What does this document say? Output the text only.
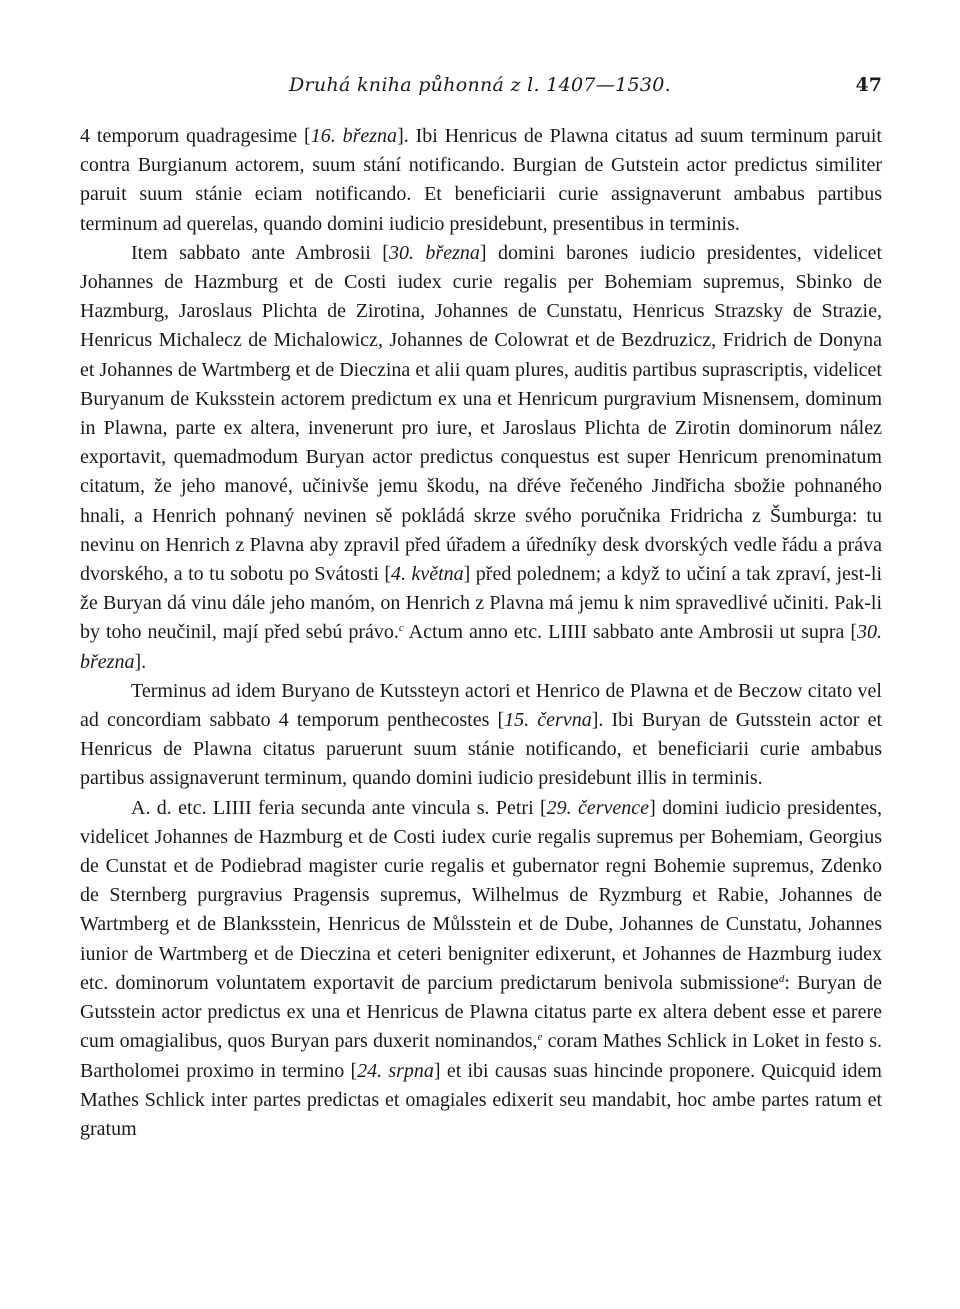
Druhá kniha půhonná z l. 1407—1530.	47

4 temporum quadragesime [16. března]. Ibi Henricus de Plawna citatus ad suum terminum paruit contra Burgianum actorem, suum stání notificando. Burgian de Gutstein actor predictus similiter paruit suum stánie eciam notificando. Et beneficiarii curie assignaverunt ambabus partibus terminum ad querelas, quando domini iudicio presidebunt, presentibus in terminis.

Item sabbato ante Ambrosii [30. března] domini barones iudicio presidentes, videlicet Johannes de Hazmburg et de Costi iudex curie regalis per Bohemiam supremus, Sbinko de Hazmburg, Jaroslaus Plichta de Zirotina, Johannes de Cunstatu, Henricus Strazsky de Strazie, Henricus Michalecz de Michalowicz, Johannes de Colowrat et de Bezdruzicz, Fridrich de Donyna et Johannes de Wartmberg et de Dieczina et alii quam plures, auditis partibus suprascriptis, videlicet Buryanum de Kuksstein actorem predictum ex una et Henricum purgravium Misnensem, dominum in Plawna, parte ex altera, invenerunt pro iure, et Jaroslaus Plichta de Zirotin dominorum nález exportavit, quemadmodum Buryan actor predictus conquestus est super Henricum prenominatum citatum, že jeho manové, učinivše jemu škodu, na dřéve řečeného Jindřicha sbožie pohnaného hnali, a Henrich pohnaný nevinen sě pokládá skrze svého poručnika Fridricha z Šumburga: tu nevinu on Henrich z Plavna aby zpravil před úřadem a úředníky desk dvorských vedle řádu a práva dvorského, a to tu sobotu po Svátosti [4. května] před polednem; a když to učiní a tak zpraví, jest-li že Buryan dá vinu dále jeho manóm, on Henrich z Plavna má jemu k nim spravedlivé učiniti. Pak-li by toho neučinil, mají před sebú právo.$^c$ Actum anno etc. LIIII sabbato ante Ambrosii ut supra [30. března].

Terminus ad idem Buryano de Kutssteyn actori et Henrico de Plawna et de Beczow citato vel ad concordiam sabbato 4 temporum penthecostes [15. června]. Ibi Buryan de Gutsstein actor et Henricus de Plawna citatus paruerunt suum stánie notificando, et beneficiarii curie ambabus partibus assignaverunt terminum, quando domini iudicio presidebunt illis in terminis.

A. d. etc. LIIII feria secunda ante vincula s. Petri [29. července] domini iudicio presidentes, videlicet Johannes de Hazmburg et de Costi iudex curie regalis supremus per Bohemiam, Georgius de Cunstat et de Podiebrad magister curie regalis et gubernator regni Bohemie supremus, Zdenko de Sternberg purgravius Pragensis supremus, Wilhelmus de Ryzmburg et Rabie, Johannes de Wartmberg et de Blanksstein, Henricus de Můlsstein et de Dube, Johannes de Cunstatu, Johannes iunior de Wartmberg et de Dieczina et ceteri benigniter edixerunt, et Johannes de Hazmburg iudex etc. dominorum voluntatem exportavit de parcium predictarum benivola submissione$^d$: Buryan de Gutsstein actor predictus ex una et Henricus de Plawna citatus parte ex altera debent esse et parere cum omagialibus, quos Buryan pars duxerit nominandos,$^e$ coram Mathes Schlick in Loket in festo s. Bartholomei proximo in termino [24. srpna] et ibi causas suas hincinde proponere. Quicquid idem Mathes Schlick inter partes predictas et omagiales edixerit seu mandabit, hoc ambe partes ratum et gratum
